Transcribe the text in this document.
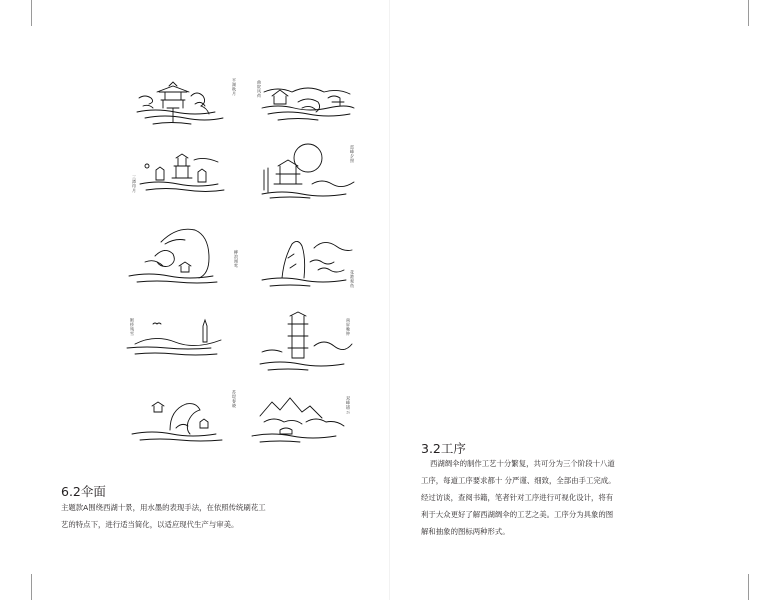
平湖秋月	曲院风荷
三潭印月
雷峰夕照
柳浪闻莺
花港观鱼
断桥残雪	南屏晚钟
苏堤春晓	双峰插云
6.2伞面

主题款A围绕西湖十景，用水墨的表现手法，在依照传统刷花工

艺的特点下，进行适当简化，以适应现代生产与审美。

3.2工序

西湖绸伞的制作工艺十分繁复，共可分为三个阶段十八道

工序，每道工序要求都十 分严谨、细致，全部由手工完成。

经过访谈，查阅书籍，笔者针对工序进行可视化设计，将有

利于大众更好了解西湖绸伞的工艺之美。工序分为具象的图

解和抽象的图标两种形式。
